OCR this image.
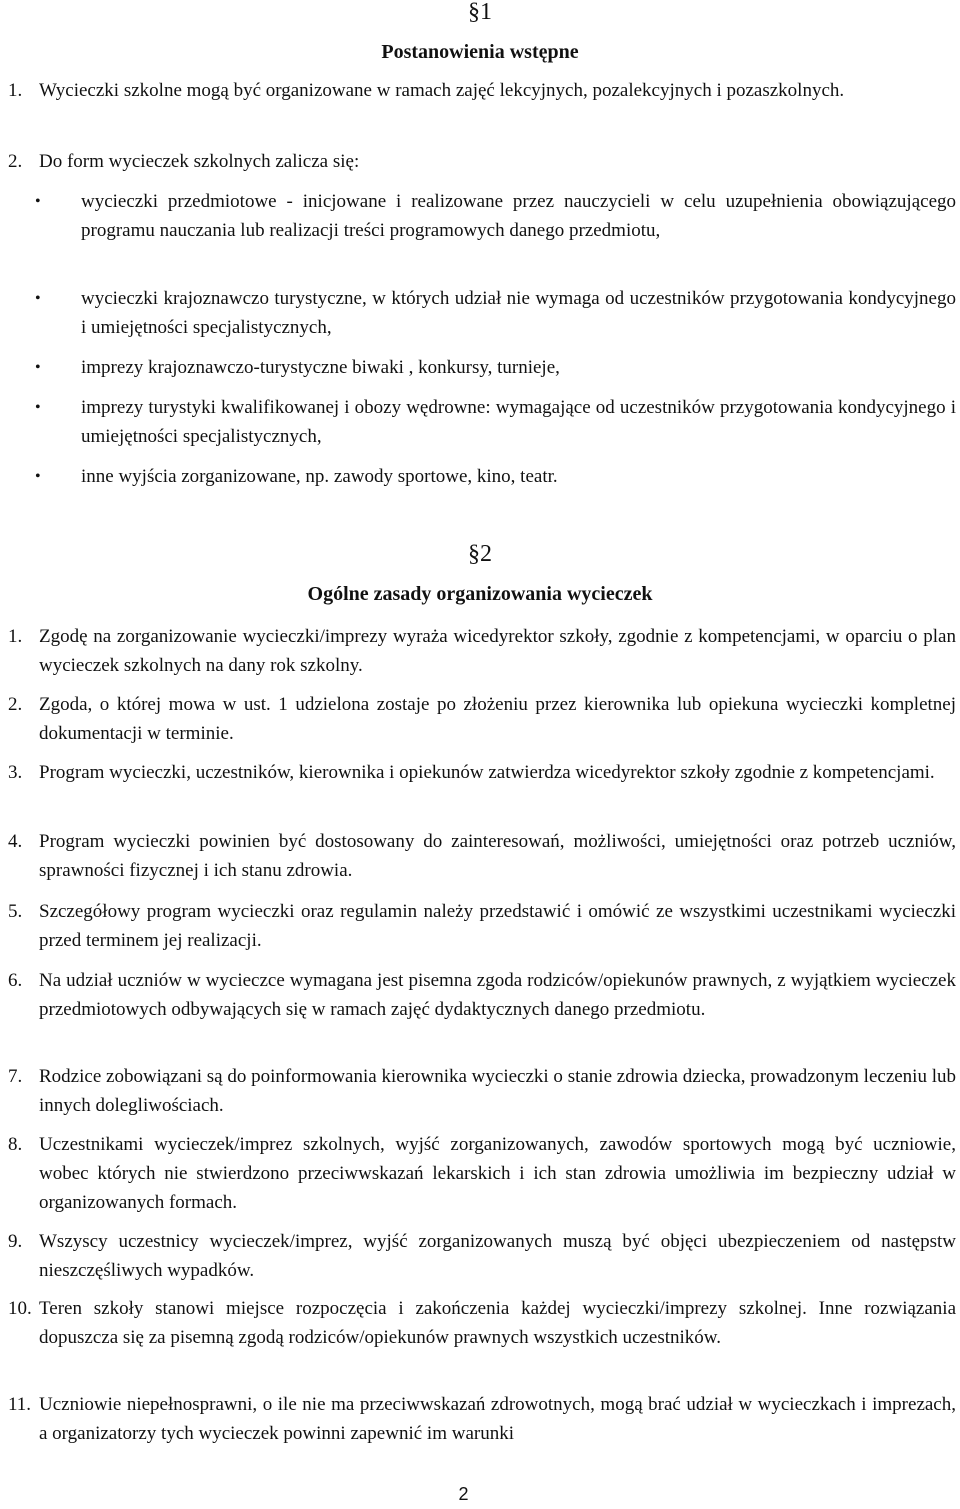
§1
Postanowienia wstępne
1. Wycieczki szkolne mogą być organizowane w ramach zajęć lekcyjnych, pozalekcyjnych i pozaszkolnych.
2. Do form wycieczek szkolnych zalicza się:
• wycieczki przedmiotowe - inicjowane i realizowane przez nauczycieli w celu uzupełnienia obowiązującego programu nauczania lub realizacji treści programowych danego przedmiotu,
• wycieczki krajoznawczo turystyczne, w których udział nie wymaga od uczestników przygotowania kondycyjnego i umiejętności specjalistycznych,
• imprezy krajoznawczo-turystyczne biwaki , konkursy, turnieje,
• imprezy turystyki kwalifikowanej i obozy wędrowne: wymagające od uczestników przygotowania kondycyjnego i umiejętności specjalistycznych,
• inne wyjścia zorganizowane, np. zawody sportowe, kino, teatr.
§2
Ogólne zasady organizowania wycieczek
1. Zgodę na zorganizowanie wycieczki/imprezy wyraża wicedyrektor szkoły, zgodnie z kompetencjami, w oparciu o plan wycieczek szkolnych na dany rok szkolny.
2. Zgoda, o której mowa w ust. 1 udzielona zostaje po złożeniu przez kierownika lub opiekuna wycieczki kompletnej dokumentacji w terminie.
3. Program wycieczki, uczestników, kierownika i opiekunów zatwierdza wicedyrektor szkoły zgodnie z kompetencjami.
4. Program wycieczki powinien być dostosowany do zainteresowań, możliwości, umiejętności oraz potrzeb uczniów, sprawności fizycznej i ich stanu zdrowia.
5. Szczegółowy program wycieczki oraz regulamin należy przedstawić i omówić ze wszystkimi uczestnikami wycieczki przed terminem jej realizacji.
6. Na udział uczniów w wycieczce wymagana jest pisemna zgoda rodziców/opiekunów prawnych, z wyjątkiem wycieczek przedmiotowych odbywających się w ramach zajęć dydaktycznych danego przedmiotu.
7. Rodzice zobowiązani są do poinformowania kierownika wycieczki o stanie zdrowia dziecka, prowadzonym leczeniu lub innych dolegliwościach.
8. Uczestnikami wycieczek/imprez szkolnych, wyjść zorganizowanych, zawodów sportowych mogą być uczniowie, wobec których nie stwierdzono przeciwwskazań lekarskich i ich stan zdrowia umożliwia im bezpieczny udział w organizowanych formach.
9. Wszyscy uczestnicy wycieczek/imprez, wyjść zorganizowanych muszą być objęci ubezpieczeniem od następstw nieszczęśliwych wypadków.
10. Teren szkoły stanowi miejsce rozpoczęcia i zakończenia każdej wycieczki/imprezy szkolnej. Inne rozwiązania dopuszcza się za pisemną zgodą rodziców/opiekunów prawnych wszystkich uczestników.
11. Uczniowie niepełnosprawni, o ile nie ma przeciwwskazań zdrowotnych, mogą brać udział w wycieczkach i imprezach, a organizatorzy tych wycieczek powinni zapewnić im warunki
2
